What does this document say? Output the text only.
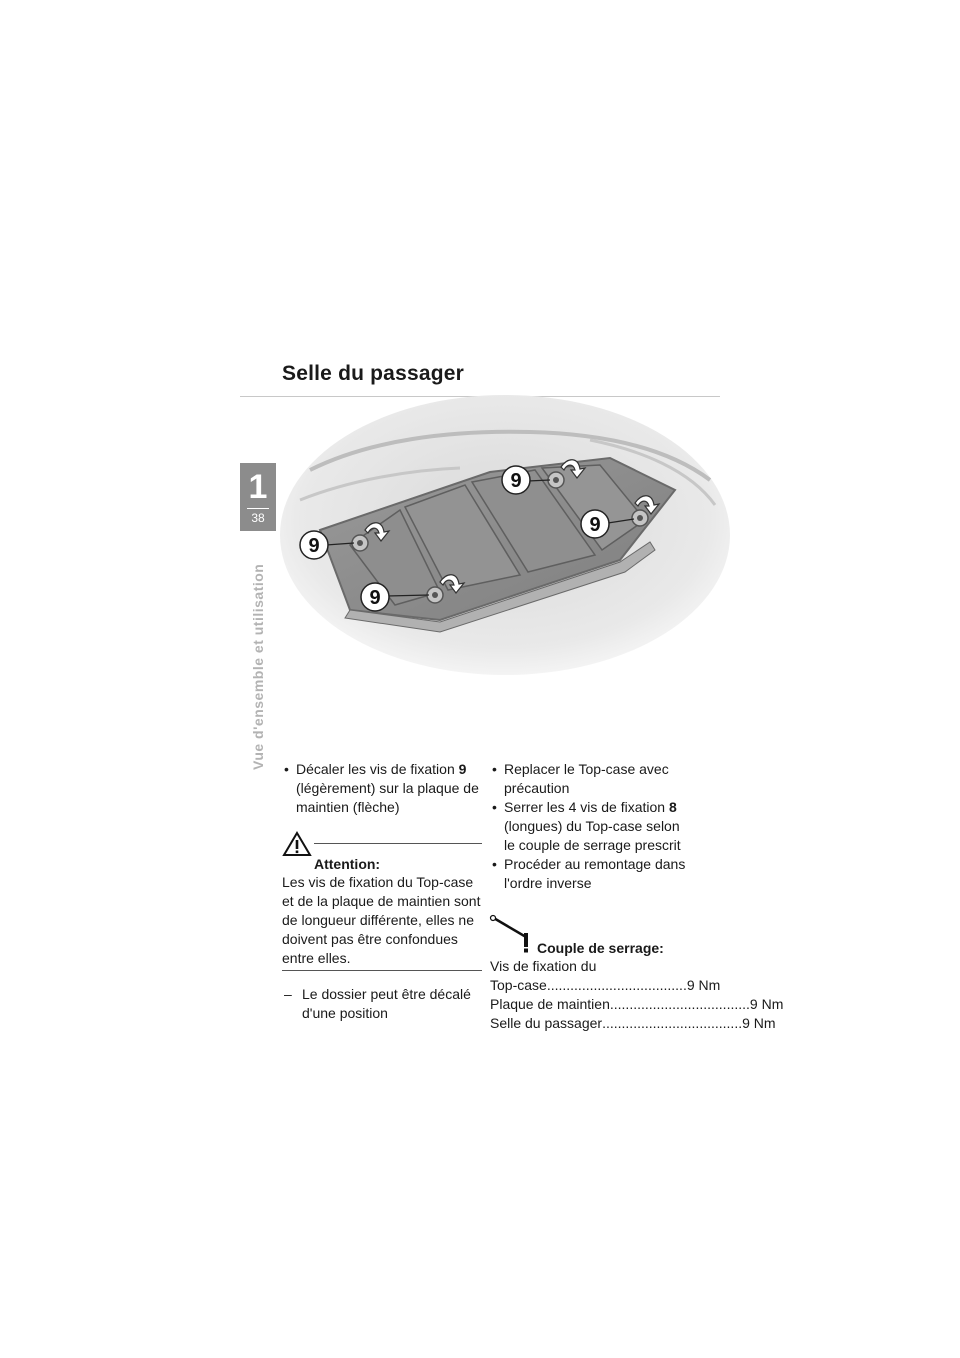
Selle du passager
1
38
Vue d'ensemble et utilisation
9
9
9
9
• Décaler les vis de fixation 9
(légèrement) sur la plaque de
maintien (flèche)
Attention:
Les vis de fixation du Top-case
et de la plaque de maintien sont
de longueur différente, elles ne
doivent pas être confondues
entre elles.
– Le dossier peut être décalé
d'une position
• Replacer le Top-case avec
précaution
• Serrer les 4 vis de fixation 8
(longues) du Top-case selon
le couple de serrage prescrit
• Procéder au remontage dans
l'ordre inverse
Couple de serrage:
Vis de fixation du
Top-case .................................... 9 Nm
Plaque de maintien .................................... 9 Nm
Selle du passager .................................... 9 Nm
